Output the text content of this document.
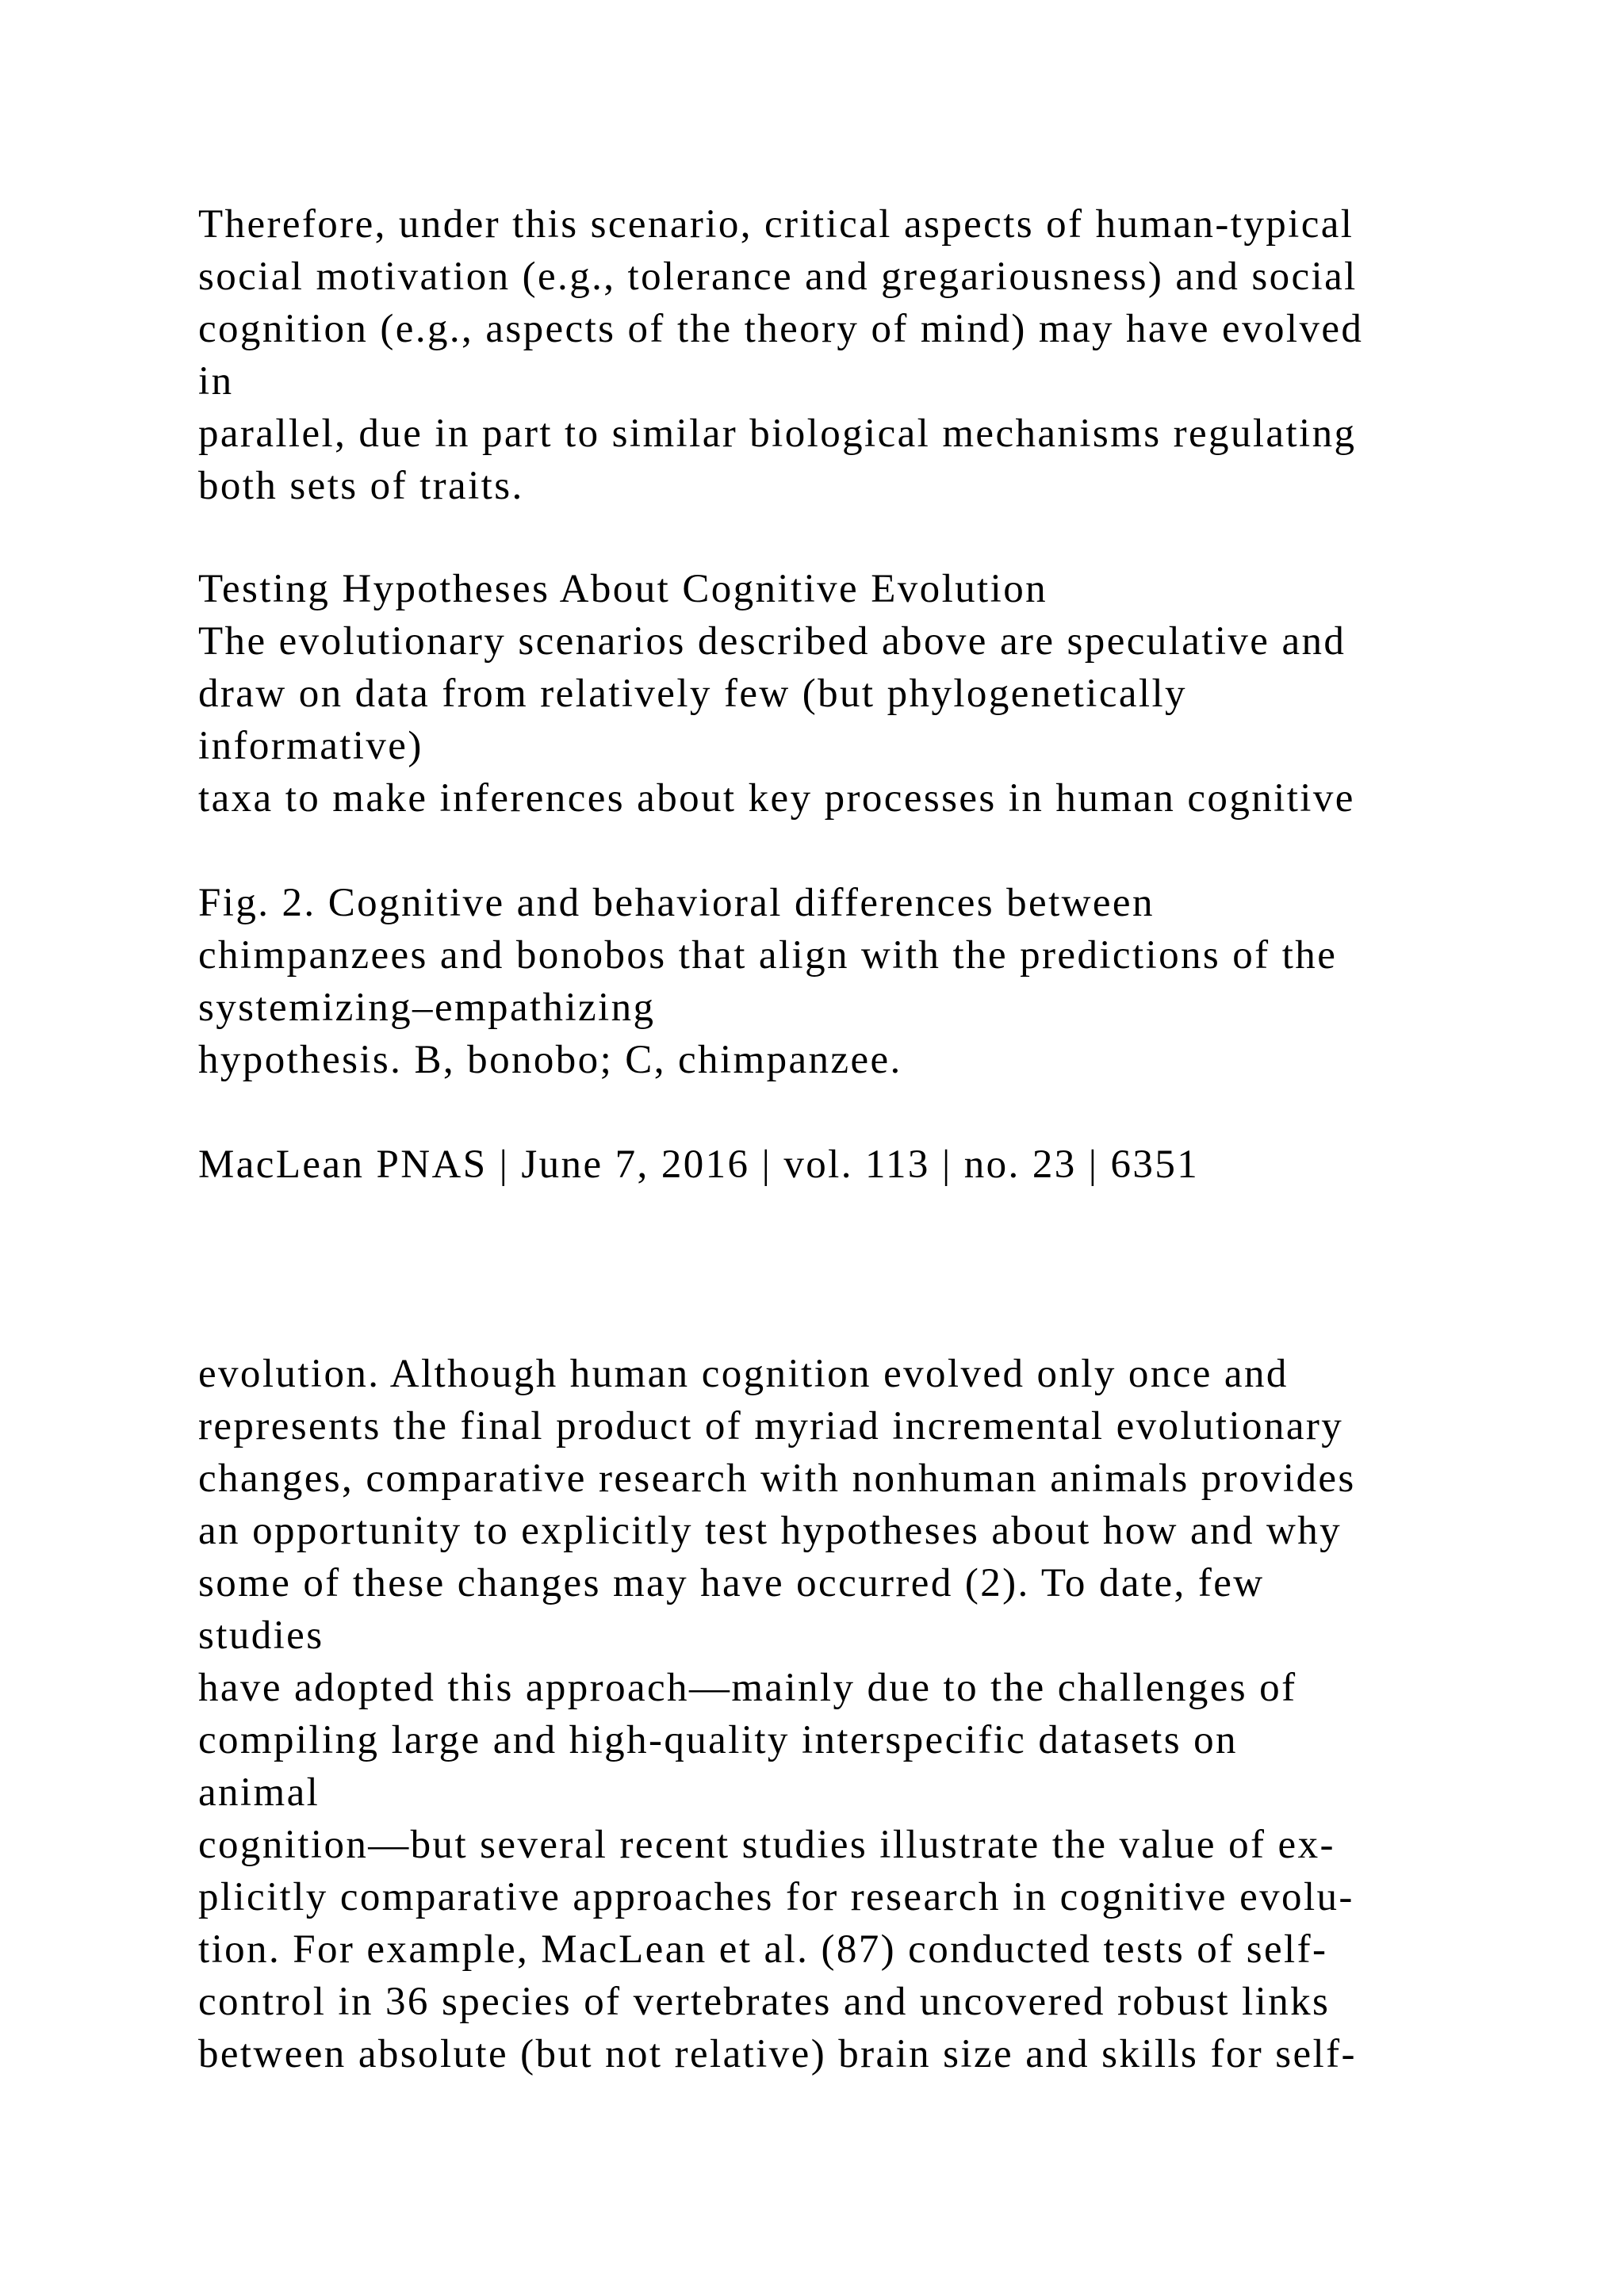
Therefore, under this scenario, critical aspects of human-typical
social motivation (e.g., tolerance and gregariousness) and social
cognition (e.g., aspects of the theory of mind) may have evolved
in
parallel, due in part to similar biological mechanisms regulating
both sets of traits.
Testing Hypotheses About Cognitive Evolution
The evolutionary scenarios described above are speculative and
draw on data from relatively few (but phylogenetically
informative)
taxa to make inferences about key processes in human cognitive
Fig. 2. Cognitive and behavioral differences between
chimpanzees and bonobos that align with the predictions of the
systemizing–empathizing
hypothesis. B, bonobo; C, chimpanzee.
MacLean PNAS | June 7, 2016 | vol. 113 | no. 23 | 6351
evolution. Although human cognition evolved only once and
represents the final product of myriad incremental evolutionary
changes, comparative research with nonhuman animals provides
an opportunity to explicitly test hypotheses about how and why
some of these changes may have occurred (2). To date, few
studies
have adopted this approach—mainly due to the challenges of
compiling large and high-quality interspecific datasets on
animal
cognition—but several recent studies illustrate the value of ex-
plicitly comparative approaches for research in cognitive evolu-
tion. For example, MacLean et al. (87) conducted tests of self-
control in 36 species of vertebrates and uncovered robust links
between absolute (but not relative) brain size and skills for self-
